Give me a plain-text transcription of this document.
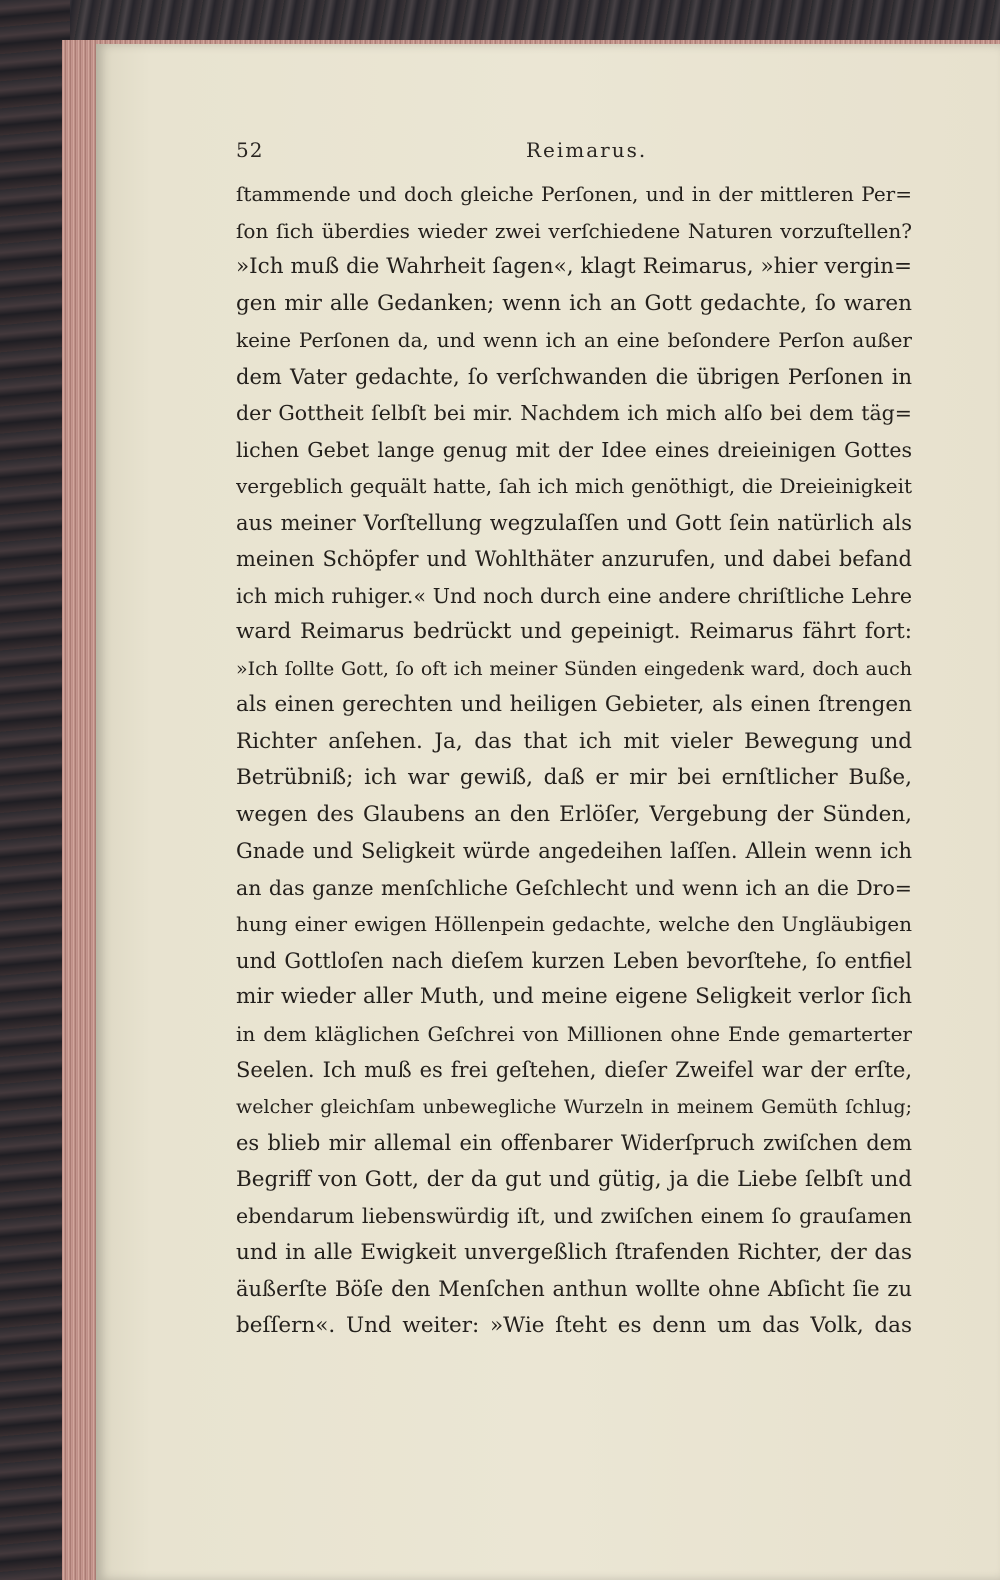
52	Reimarus.
ſtammende und doch gleiche Perſonen, und in der mittleren Per=
ſon ſich überdies wieder zwei verſchiedene Naturen vorzuſtellen?
»Ich muß die Wahrheit ſagen«, klagt Reimarus, »hier vergin=
gen mir alle Gedanken; wenn ich an Gott gedachte, ſo waren
keine Perſonen da, und wenn ich an eine beſondere Perſon außer
dem Vater gedachte, ſo verſchwanden die übrigen Perſonen in
der Gottheit ſelbſt bei mir. Nachdem ich mich alſo bei dem täg=
lichen Gebet lange genug mit der Idee eines dreieinigen Gottes
vergeblich gequält hatte, ſah ich mich genöthigt, die Dreieinigkeit
aus meiner Vorſtellung wegzulaſſen und Gott ſein natürlich als
meinen Schöpfer und Wohlthäter anzurufen, und dabei befand
ich mich ruhiger.« Und noch durch eine andere chriſtliche Lehre
ward Reimarus bedrückt und gepeinigt. Reimarus fährt fort:
»Ich ſollte Gott, ſo oft ich meiner Sünden eingedenk ward, doch auch
als einen gerechten und heiligen Gebieter, als einen ſtrengen
Richter anſehen. Ja, das that ich mit vieler Bewegung und
Betrübniß; ich war gewiß, daß er mir bei ernſtlicher Buße,
wegen des Glaubens an den Erlöſer, Vergebung der Sünden,
Gnade und Seligkeit würde angedeihen laſſen. Allein wenn ich
an das ganze menſchliche Geſchlecht und wenn ich an die Dro=
hung einer ewigen Höllenpein gedachte, welche den Ungläubigen
und Gottloſen nach dieſem kurzen Leben bevorſtehe, ſo entfiel
mir wieder aller Muth, und meine eigene Seligkeit verlor ſich
in dem kläglichen Geſchrei von Millionen ohne Ende gemarterter
Seelen. Ich muß es frei geſtehen, dieſer Zweifel war der erſte,
welcher gleichſam unbewegliche Wurzeln in meinem Gemüth ſchlug;
es blieb mir allemal ein offenbarer Widerſpruch zwiſchen dem
Begriff von Gott, der da gut und gütig, ja die Liebe ſelbſt und
ebendarum liebenswürdig iſt, und zwiſchen einem ſo grauſamen
und in alle Ewigkeit unvergeßlich ſtrafenden Richter, der das
äußerſte Böſe den Menſchen anthun wollte ohne Abſicht ſie zu
beſſern«. Und weiter: »Wie ſteht es denn um das Volk, das
